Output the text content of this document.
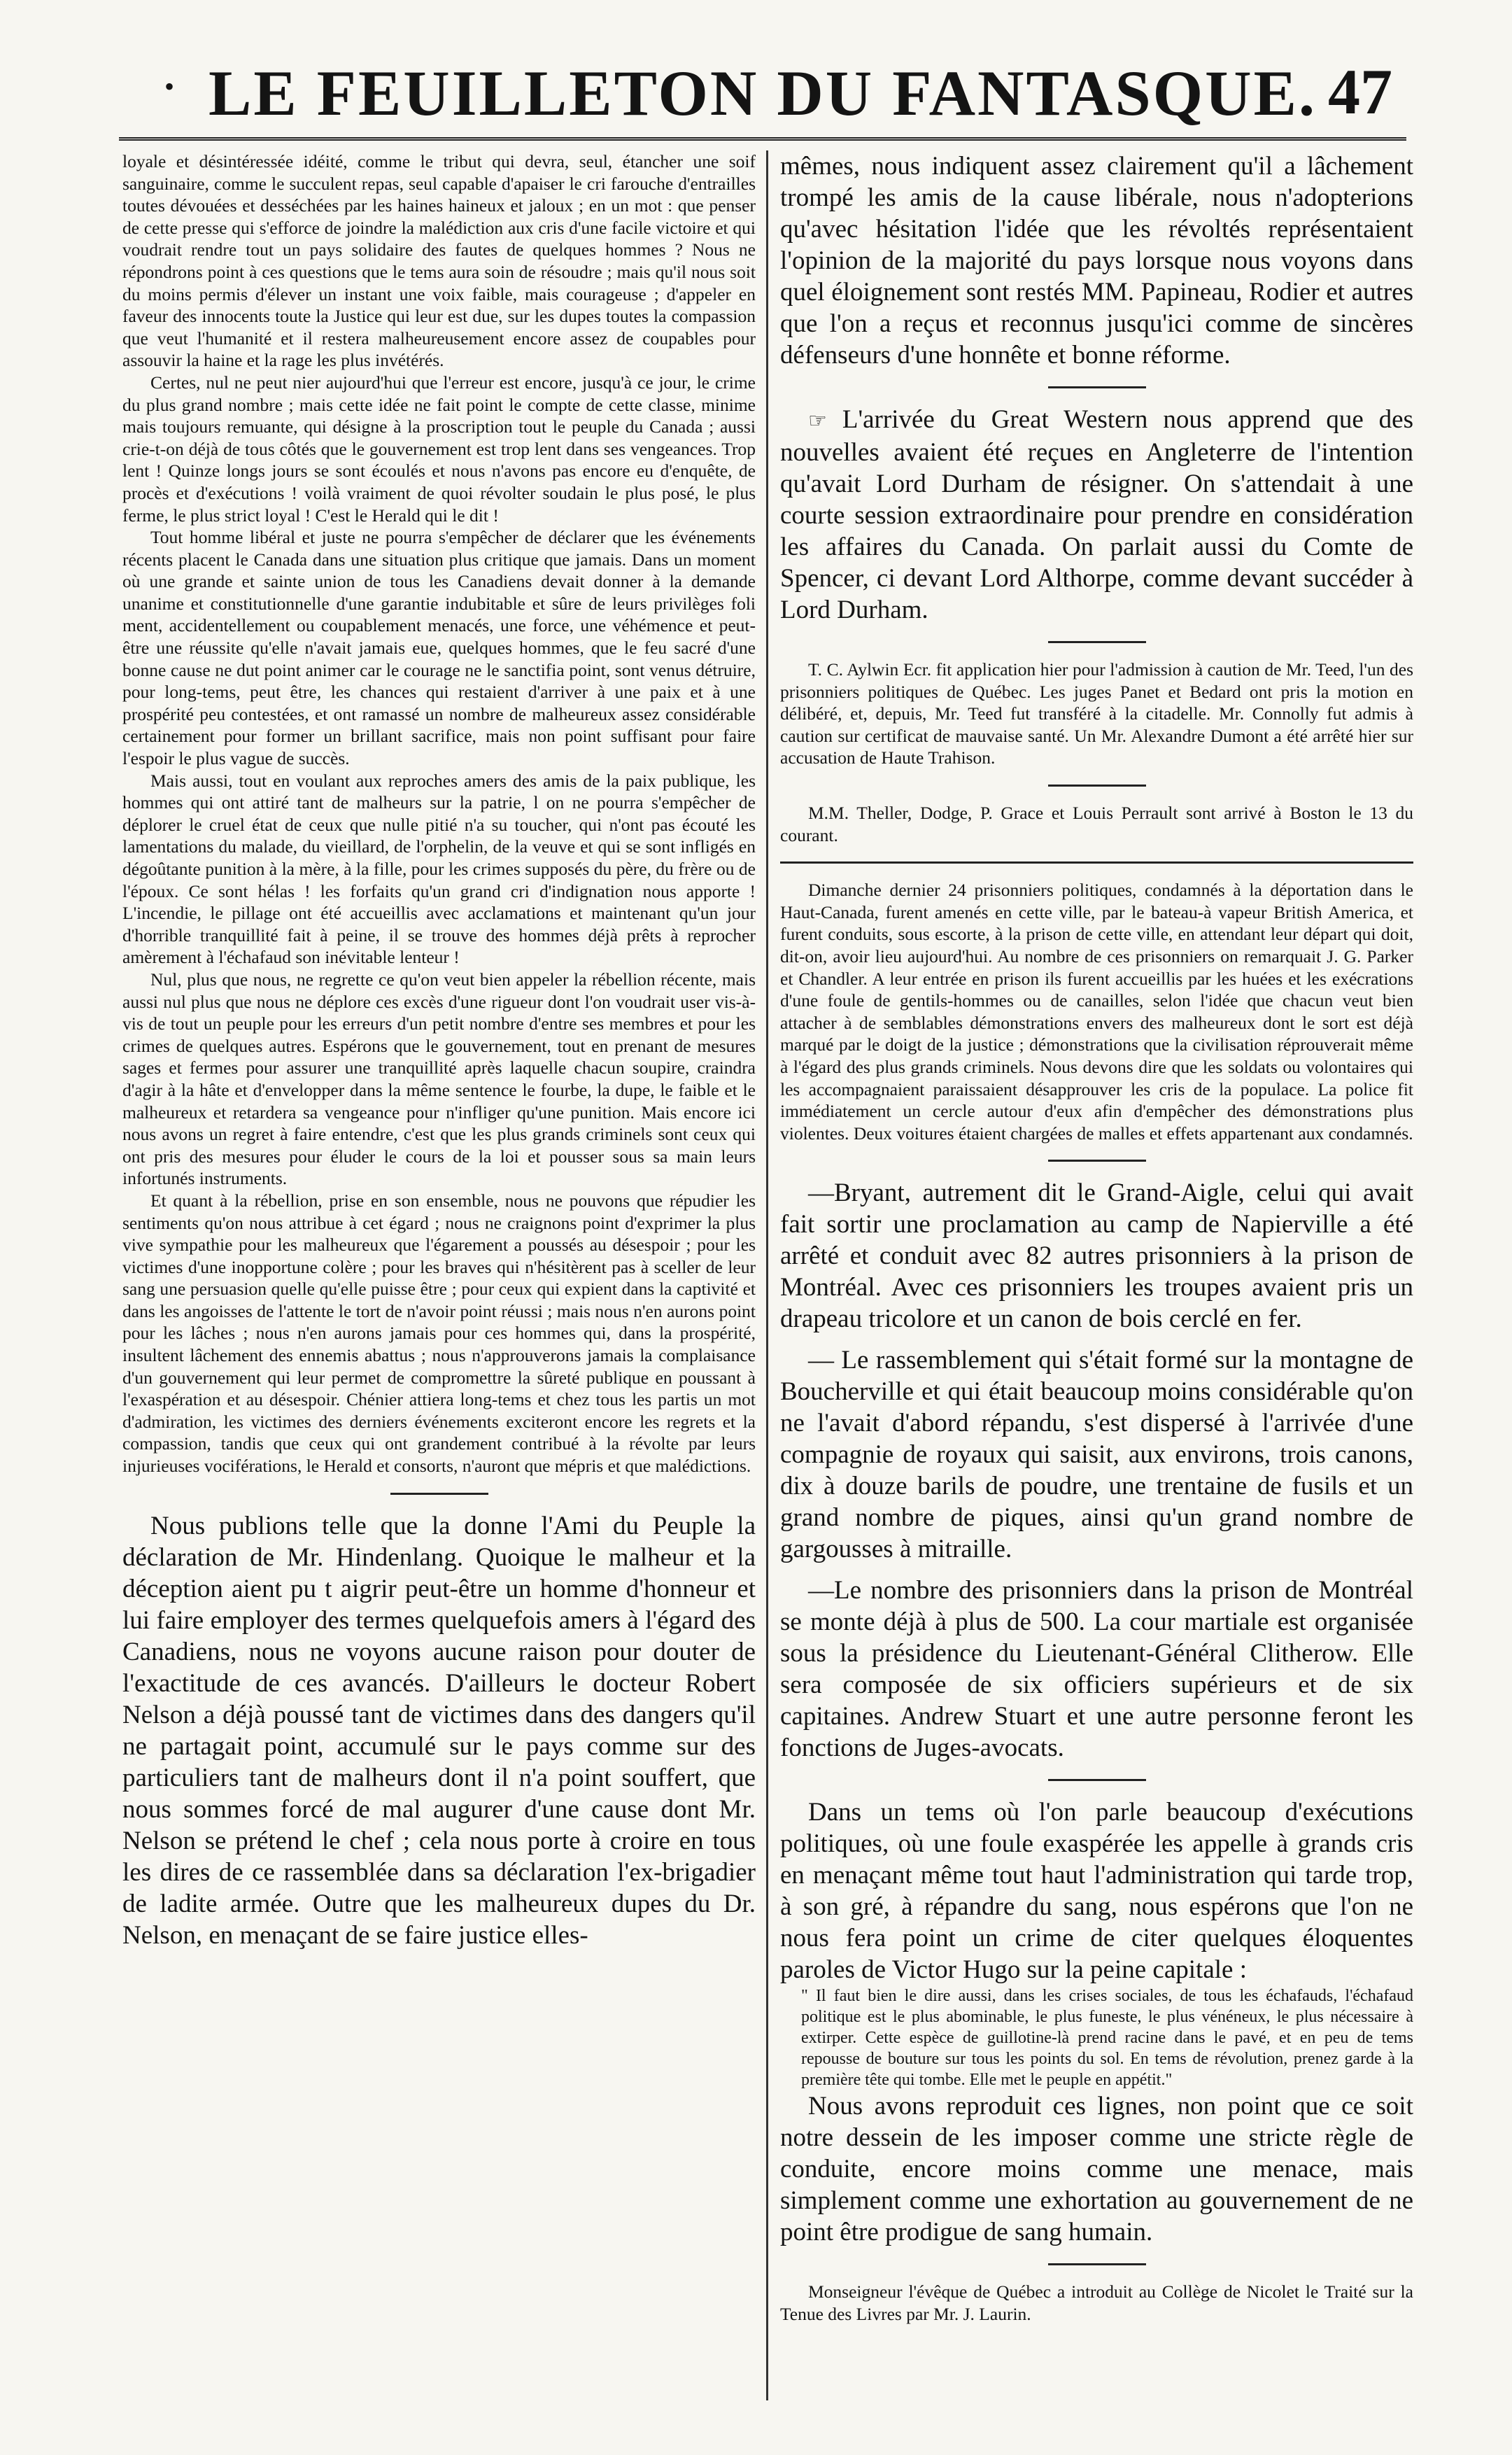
• LE FEUILLETON DU FANTASQUE. 47

loyale et désintéressée idéité, comme le tribut qui devra, seul, étancher une soif sanguinaire, comme le succulent repas, seul capable d'apaiser le cri farouche d'entrailles toutes dévouées et desséchées par les haines haineux et jaloux ; en un mot : que penser de cette presse qui s'efforce de joindre la malédiction aux cris d'une facile victoire et qui voudrait rendre tout un pays solidaire des fautes de quelques hommes ? Nous ne répondrons point à ces questions que le tems aura soin de résoudre ; mais qu'il nous soit du moins permis d'élever un instant une voix faible, mais courageuse ; d'appeler en faveur des innocents toute la Justice qui leur est due, sur les dupes toutes la compassion que veut l'humanité et il restera malheureusement encore assez de coupables pour assouvir la haine et la rage les plus invétérés.

Certes, nul ne peut nier aujourd'hui que l'erreur est encore, jusqu'à ce jour, le crime du plus grand nombre ; mais cette idée ne fait point le compte de cette classe, minime mais toujours remuante, qui désigne à la proscription tout le peuple du Canada ; aussi crie-t-on déjà de tous côtés que le gouvernement est trop lent dans ses vengeances. Trop lent ! Quinze longs jours se sont écoulés et nous n'avons pas encore eu d'enquête, de procès et d'exécutions ! voilà vraiment de quoi révolter soudain le plus posé, le plus ferme, le plus strict loyal ! C'est le Herald qui le dit !

Tout homme libéral et juste ne pourra s'empêcher de déclarer que les événements récents placent le Canada dans une situation plus critique que jamais. Dans un moment où une grande et sainte union de tous les Canadiens devait donner à la demande unanime et constitutionnelle d'une garantie indubitable et sûre de leurs privilèges foli ment, accidentellement ou coupablement menacés, une force, une véhémence et peut-être une réussite qu'elle n'avait jamais eue, quelques hommes, que le feu sacré d'une bonne cause ne dut point animer car le courage ne le sanctifia point, sont venus détruire, pour long-tems, peut être, les chances qui restaient d'arriver à une paix et à une prospérité peu contestées, et ont ramassé un nombre de malheureux assez considérable certainement pour former un brillant sacrifice, mais non point suffisant pour faire l'espoir le plus vague de succès.

Mais aussi, tout en voulant aux reproches amers des amis de la paix publique, les hommes qui ont attiré tant de malheurs sur la patrie, l on ne pourra s'empêcher de déplorer le cruel état de ceux que nulle pitié n'a su toucher, qui n'ont pas écouté les lamentations du malade, du vieillard, de l'orphelin, de la veuve et qui se sont infligés en dégoûtante punition à la mère, à la fille, pour les crimes supposés du père, du frère ou de l'époux. Ce sont hélas ! les forfaits qu'un grand cri d'indignation nous apporte ! L'incendie, le pillage ont été accueillis avec acclamations et maintenant qu'un jour d'horrible tranquillité fait à peine, il se trouve des hommes déjà prêts à reprocher amèrement à l'échafaud son inévitable lenteur !

Nul, plus que nous, ne regrette ce qu'on veut bien appeler la rébellion récente, mais aussi nul plus que nous ne déplore ces excès d'une rigueur dont l'on voudrait user vis-à-vis de tout un peuple pour les erreurs d'un petit nombre d'entre ses membres et pour les crimes de quelques autres. Espérons que le gouvernement, tout en prenant de mesures sages et fermes pour assurer une tranquillité après laquelle chacun soupire, craindra d'agir à la hâte et d'envelopper dans la même sentence le fourbe, la dupe, le faible et le malheureux et retardera sa vengeance pour n'infliger qu'une punition. Mais encore ici nous avons un regret à faire entendre, c'est que les plus grands criminels sont ceux qui ont pris des mesures pour éluder le cours de la loi et pousser sous sa main leurs infortunés instruments.

Et quant à la rébellion, prise en son ensemble, nous ne pouvons que répudier les sentiments qu'on nous attribue à cet égard ; nous ne craignons point d'exprimer la plus vive sympathie pour les malheureux que l'égarement a poussés au désespoir ; pour les victimes d'une inopportune colère ; pour les braves qui n'hésitèrent pas à sceller de leur sang une persuasion quelle qu'elle puisse être ; pour ceux qui expient dans la captivité et dans les angoisses de l'attente le tort de n'avoir point réussi ; mais nous n'en aurons point pour les lâches ; nous n'en aurons jamais pour ces hommes qui, dans la prospérité, insultent lâchement des ennemis abattus ; nous n'approuverons jamais la complaisance d'un gouvernement qui leur permet de compromettre la sûreté publique en poussant à l'exaspération et au désespoir. Chénier attiera long-tems et chez tous les partis un mot d'admiration, les victimes des derniers événements exciteront encore les regrets et la compassion, tandis que ceux qui ont grandement contribué à la révolte par leurs injurieuses vociférations, le Herald et consorts, n'auront que mépris et que malédictions.

Nous publions telle que la donne l'Ami du Peuple la déclaration de Mr. Hindenlang. Quoique le malheur et la déception aient pu t aigrir peut-être un homme d'honneur et lui faire employer des termes quelquefois amers à l'égard des Canadiens, nous ne voyons aucune raison pour douter de l'exactitude de ces avancés. D'ailleurs le docteur Robert Nelson a déjà poussé tant de victimes dans des dangers qu'il ne partagait point, accumulé sur le pays comme sur des particuliers tant de malheurs dont il n'a point souffert, que nous sommes forcé de mal augurer d'une cause dont Mr. Nelson se prétend le chef ; cela nous porte à croire en tous les dires de ce rassemblée dans sa déclaration l'ex-brigadier de ladite armée. Outre que les malheureux dupes du Dr. Nelson, en menaçant de se faire justice elles-

mêmes, nous indiquent assez clairement qu'il a lâchement trompé les amis de la cause libérale, nous n'adopterions qu'avec hésitation l'idée que les révoltés représentaient l'opinion de la majorité du pays lorsque nous voyons dans quel éloignement sont restés MM. Papineau, Rodier et autres que l'on a reçus et reconnus jusqu'ici comme de sincères défenseurs d'une honnête et bonne réforme.

☞ L'arrivée du Great Western nous apprend que des nouvelles avaient été reçues en Angleterre de l'intention qu'avait Lord Durham de résigner. On s'attendait à une courte session extraordinaire pour prendre en considération les affaires du Canada. On parlait aussi du Comte de Spencer, ci devant Lord Althorpe, comme devant succéder à Lord Durham.

T. C. Aylwin Ecr. fit application hier pour l'admission à caution de Mr. Teed, l'un des prisonniers politiques de Québec. Les juges Panet et Bedard ont pris la motion en délibéré, et, depuis, Mr. Teed fut transféré à la citadelle. Mr. Connolly fut admis à caution sur certificat de mauvaise santé. Un Mr. Alexandre Dumont a été arrêté hier sur accusation de Haute Trahison.

M.M. Theller, Dodge, P. Grace et Louis Perrault sont arrivé à Boston le 13 du courant.

Dimanche dernier 24 prisonniers politiques, condamnés à la déportation dans le Haut-Canada, furent amenés en cette ville, par le bateau-à vapeur British America, et furent conduits, sous escorte, à la prison de cette ville, en attendant leur départ qui doit, dit-on, avoir lieu aujourd'hui. Au nombre de ces prisonniers on remarquait J. G. Parker et Chandler. A leur entrée en prison ils furent accueillis par les huées et les exécrations d'une foule de gentils-hommes ou de canailles, selon l'idée que chacun veut bien attacher à de semblables démonstrations envers des malheureux dont le sort est déjà marqué par le doigt de la justice ; démonstrations que la civilisation réprouverait même à l'égard des plus grands criminels. Nous devons dire que les soldats ou volontaires qui les accompagnaient paraissaient désapprouver les cris de la populace. La police fit immédiatement un cercle autour d'eux afin d'empêcher des démonstrations plus violentes. Deux voitures étaient chargées de malles et effets appartenant aux condamnés.

—Bryant, autrement dit le Grand-Aigle, celui qui avait fait sortir une proclamation au camp de Napierville a été arrêté et conduit avec 82 autres prisonniers à la prison de Montréal. Avec ces prisonniers les troupes avaient pris un drapeau tricolore et un canon de bois cerclé en fer.

— Le rassemblement qui s'était formé sur la montagne de Boucherville et qui était beaucoup moins considérable qu'on ne l'avait d'abord répandu, s'est dispersé à l'arrivée d'une compagnie de royaux qui saisit, aux environs, trois canons, dix à douze barils de poudre, une trentaine de fusils et un grand nombre de piques, ainsi qu'un grand nombre de gargousses à mitraille.

—Le nombre des prisonniers dans la prison de Montréal se monte déjà à plus de 500. La cour martiale est organisée sous la présidence du Lieutenant-Général Clitherow. Elle sera composée de six officiers supérieurs et de six capitaines. Andrew Stuart et une autre personne feront les fonctions de Juges-avocats.

Dans un tems où l'on parle beaucoup d'exécutions politiques, où une foule exaspérée les appelle à grands cris en menaçant même tout haut l'administration qui tarde trop, à son gré, à répandre du sang, nous espérons que l'on ne nous fera point un crime de citer quelques éloquentes paroles de Victor Hugo sur la peine capitale :

" Il faut bien le dire aussi, dans les crises sociales, de tous les échafauds, l'échafaud politique est le plus abominable, le plus funeste, le plus vénéneux, le plus nécessaire à extirper. Cette espèce de guillotine-là prend racine dans le pavé, et en peu de tems repousse de bouture sur tous les points du sol. En tems de révolution, prenez garde à la première tête qui tombe. Elle met le peuple en appétit."

Nous avons reproduit ces lignes, non point que ce soit notre dessein de les imposer comme une stricte règle de conduite, encore moins comme une menace, mais simplement comme une exhortation au gouvernement de ne point être prodigue de sang humain.

Monseigneur l'évêque de Québec a introduit au Collège de Nicolet le Traité sur la Tenue des Livres par Mr. J. Laurin.
